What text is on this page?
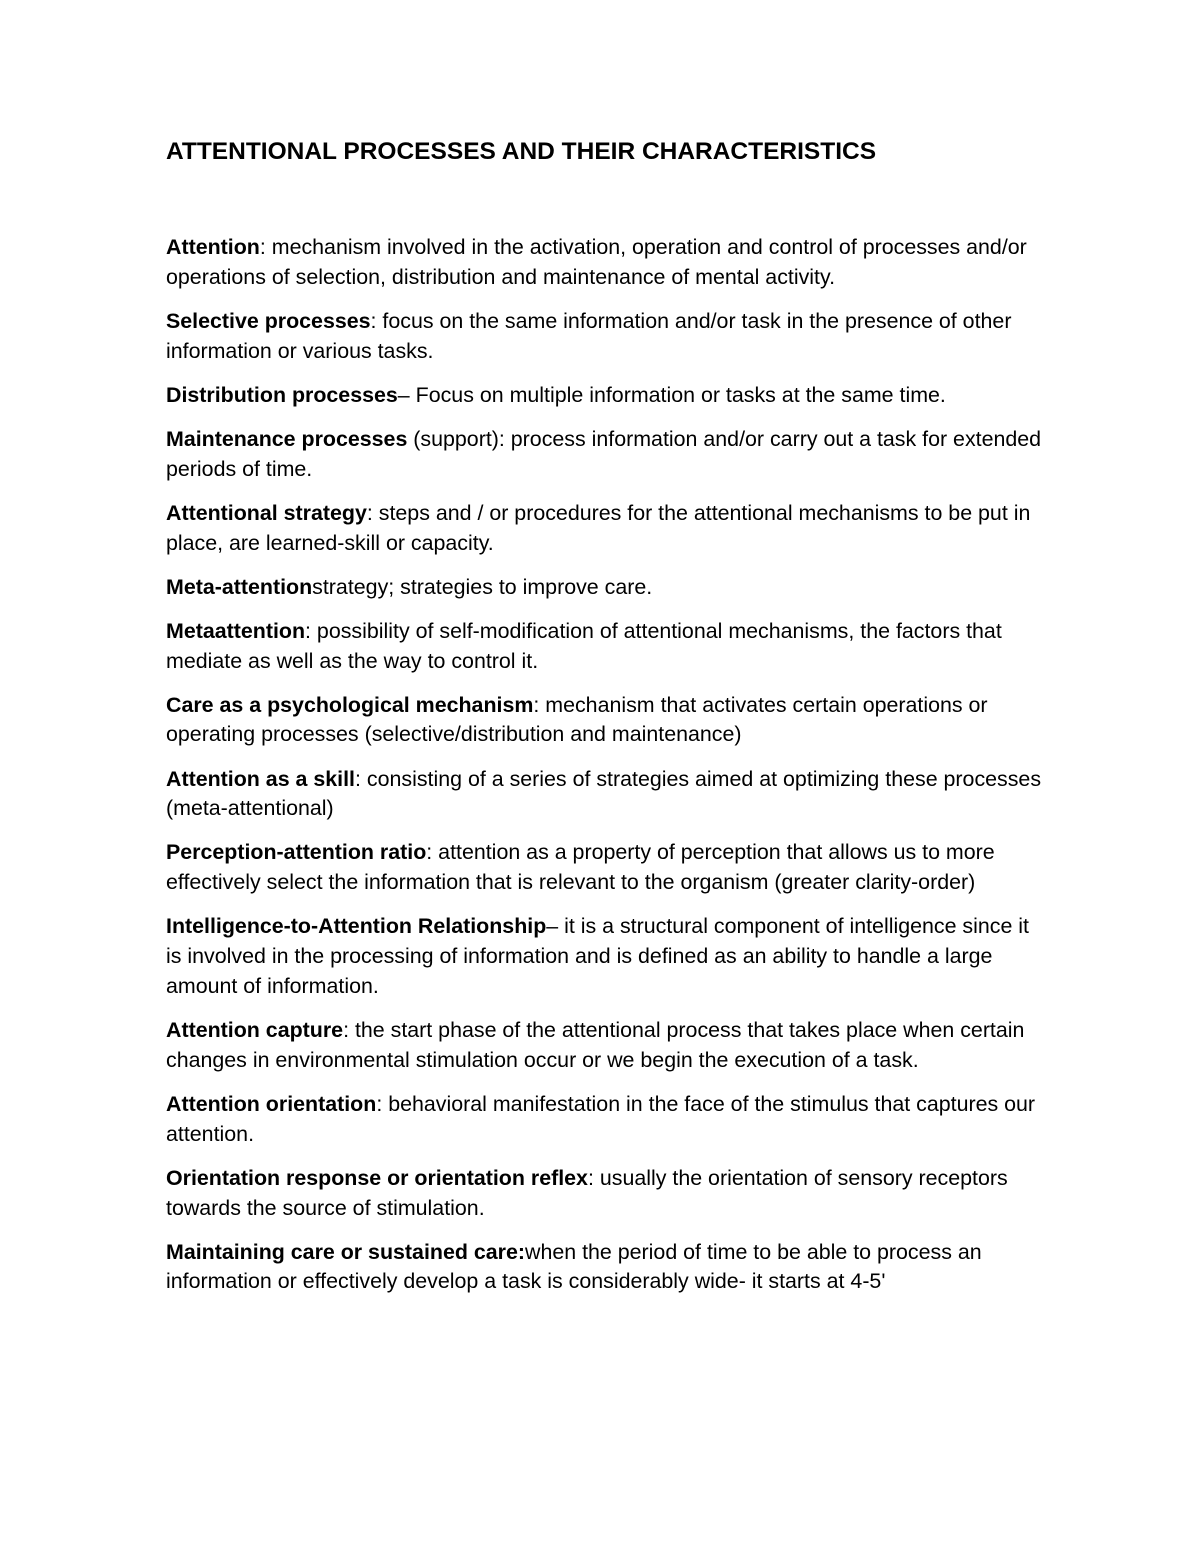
ATTENTIONAL PROCESSES AND THEIR CHARACTERISTICS

Attention: mechanism involved in the activation, operation and control of processes and/or operations of selection, distribution and maintenance of mental activity.

Selective processes: focus on the same information and/or task in the presence of other information or various tasks.

Distribution processes– Focus on multiple information or tasks at the same time.

Maintenance processes (support): process information and/or carry out a task for extended periods of time.

Attentional strategy: steps and / or procedures for the attentional mechanisms to be put in place, are learned-skill or capacity.

Meta-attentionstrategy; strategies to improve care.

Metaattention: possibility of self-modification of attentional mechanisms, the factors that mediate as well as the way to control it.

Care as a psychological mechanism: mechanism that activates certain operations or operating processes (selective/distribution and maintenance)

Attention as a skill: consisting of a series of strategies aimed at optimizing these processes (meta-attentional)

Perception-attention ratio: attention as a property of perception that allows us to more effectively select the information that is relevant to the organism (greater clarity-order)

Intelligence-to-Attention Relationship– it is a structural component of intelligence since it is involved in the processing of information and is defined as an ability to handle a large amount of information.

Attention capture: the start phase of the attentional process that takes place when certain changes in environmental stimulation occur or we begin the execution of a task.

Attention orientation: behavioral manifestation in the face of the stimulus that captures our attention.

Orientation response or orientation reflex: usually the orientation of sensory receptors towards the source of stimulation.

Maintaining care or sustained care:when the period of time to be able to process an information or effectively develop a task is considerably wide- it starts at 4-5'
